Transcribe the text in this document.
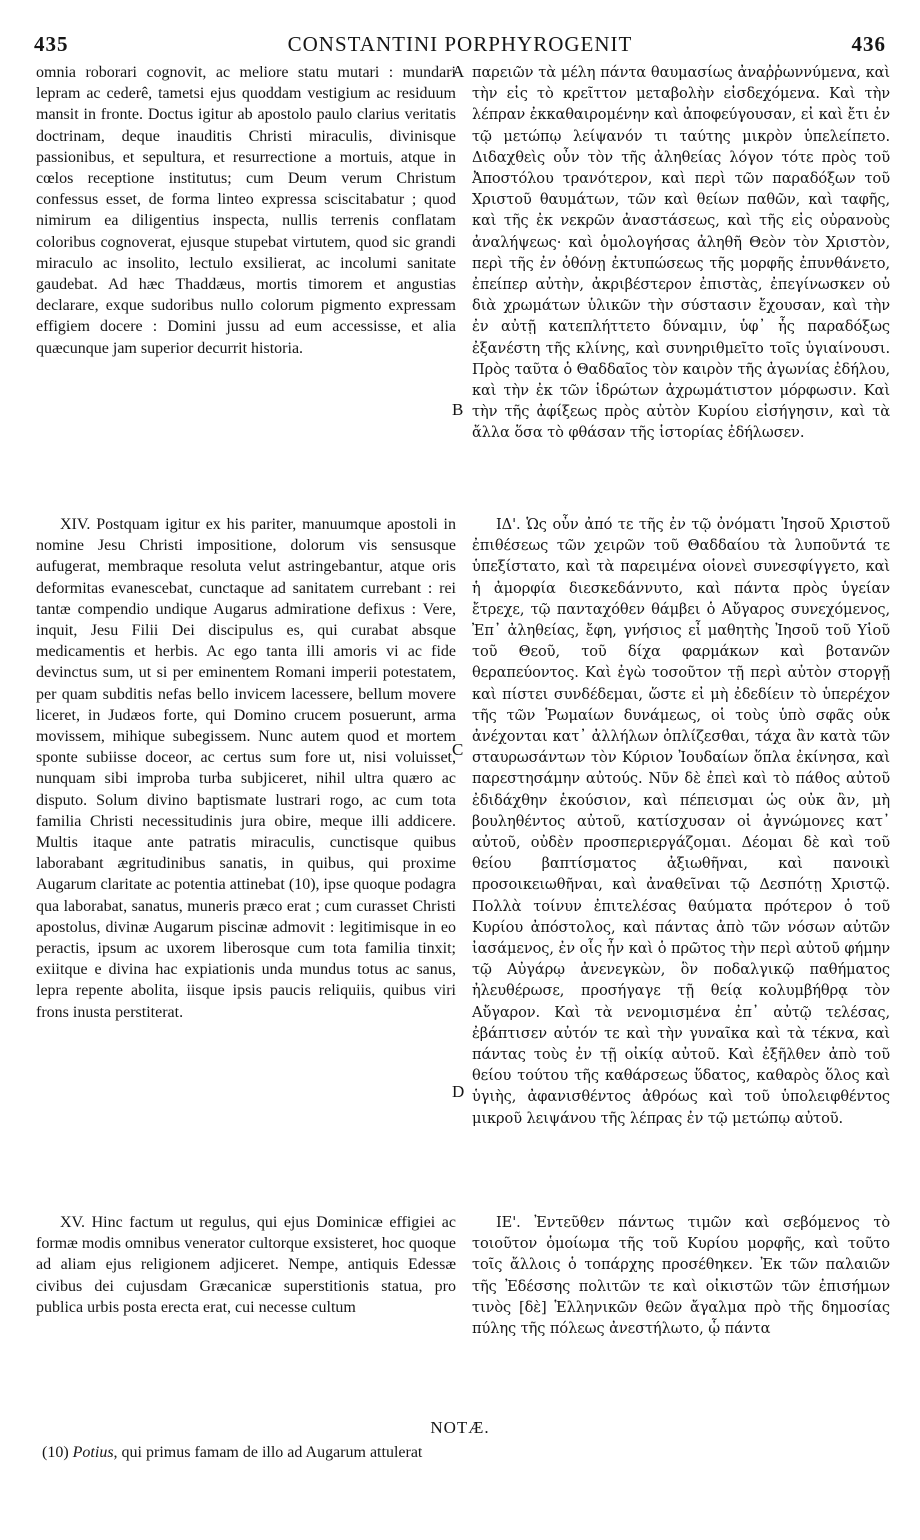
435	CONSTANTINI PORPHYROGENIT	436

omnia roborari cognovit, ac meliore statu mutari : mundari lepram ac cederê, tametsi ejus quoddam vestigium ac residuum mansit in fronte. Doctus igitur ab apostolo paulo clarius veritatis doctrinam, deque inauditis Christi miraculis, divinisque passionibus, et sepultura, et resurrectione a mortuis, atque in cœlos receptione institutus; cum Deum verum Christum confessus esset, de forma linteo expressa sciscitabatur ; quod nimirum ea diligentius inspecta, nullis terrenis conflatam coloribus cognoverat, ejusque stupebat virtutem, quod sic grandi miraculo ac insolito, lectulo exsilierat, ac incolumi sanitate gaudebat. Ad hæc Thaddæus, mortis timorem et angustias declarare, exque sudoribus nullo colorum pigmento expressam effigiem docere : Domini jussu ad eum accessisse, et alia quæcunque jam superior decurrit historia.

XIV. Postquam igitur ex his pariter, manuumque apostoli in nomine Jesu Christi impositione, dolorum vis sensusque aufugerat, membraque resoluta velut astringebantur, atque oris deformitas evanescebat, cunctaque ad sanitatem currebant : rei tantæ compendio undique Augarus admiratione defixus : Vere, inquit, Jesu Filii Dei discipulus es, qui curabat absque medicamentis et herbis. Ac ego tanta illi amoris vi ac fide devinctus sum, ut si per eminentem Romani imperii potestatem, per quam subditis nefas bello invicem lacessere, bellum movere liceret, in Judæos forte, qui Domino crucem posuerunt, arma movissem, mihique subegissem. Nunc autem quod et mortem sponte subiisse doceor, ac certus sum fore ut, nisi voluisset, nunquam sibi improba turba subjiceret, nihil ultra quæro ac disputo. Solum divino baptismate lustrari rogo, ac cum tota familia Christi necessitudinis jura obire, meque illi addicere. Multis itaque ante patratis miraculis, cunctisque quibus laborabant ægritudinibus sanatis, in quibus, qui proxime Augarum claritate ac potentia attinebat (10), ipse quoque podagra qua laborabat, sanatus, muneris præco erat ; cum curasset Christi apostolus, divinæ Augarum piscinæ admovit : legitimisque in eo peractis, ipsum ac uxorem liberosque cum tota familia tinxit; exiitque e divina hac expiationis unda mundus totus ac sanus, lepra repente abolita, iisque ipsis paucis reliquiis, quibus viri frons inusta perstiterat.

XV. Hinc factum ut regulus, qui ejus Dominicæ effigiei ac formæ modis omnibus venerator cultorque exsisteret, hoc quoque ad aliam ejus religionem adjiceret. Nempe, antiquis Edessæ civibus dei cujusdam Græcanicæ superstitionis statua, pro publica urbis posta erecta erat, cui necesse cultum

παρειῶν τὰ μέλη πάντα θαυμασίως ἀναῤῥωννύμενα, καὶ τὴν εἰς τὸ κρεῖττον μεταβολὴν εἰσδεχόμενα. Καὶ τὴν λέπραν ἐκκαθαιρομένην καὶ ἀποφεύγουσαν, εἰ καὶ ἔτι ἐν τῷ μετώπῳ λείψανόν τι ταύτης μικρὸν ὑπελείπετο. Διδαχθεὶς οὖν τὸν τῆς ἀληθείας λόγον τότε πρὸς τοῦ Ἀποστόλου τρανότερον, καὶ περὶ τῶν παραδόξων τοῦ Χριστοῦ θαυμάτων, τῶν καὶ θείων παθῶν, καὶ ταφῆς, καὶ τῆς ἐκ νεκρῶν ἀναστάσεως, καὶ τῆς εἰς οὐρανοὺς ἀναλήψεως· καὶ ὁμολογήσας ἀληθῆ Θεὸν τὸν Χριστὸν, περὶ τῆς ἐν ὀθόνῃ ἐκτυπώσεως τῆς μορφῆς ἐπυνθάνετο, ἐπείπερ αὐτὴν, ἀκριβέστερον ἐπιστὰς, ἐπεγίνωσκεν οὐ διὰ χρωμάτων ὑλικῶν τὴν σύστασιν ἔχουσαν, καὶ τὴν ἐν αὐτῇ κατεπλήττετο δύναμιν, ὑφ᾽ ἧς παραδόξως ἐξανέστη τῆς κλίνης, καὶ συνηριθμεῖτο τοῖς ὑγιαίνουσι. Πρὸς ταῦτα ὁ Θαδδαῖος τὸν καιρὸν τῆς ἀγωνίας ἐδήλου, καὶ τὴν ἐκ τῶν ἱδρώτων ἀχρωμάτιστον μόρφωσιν. Καὶ τὴν τῆς ἀφίξεως πρὸς αὐτὸν Κυρίου εἰσήγησιν, καὶ τὰ ἄλλα ὅσα τὸ φθάσαν τῆς ἱστορίας ἐδήλωσεν.

ΙΔ'. Ὡς οὖν ἀπό τε τῆς ἐν τῷ ὀνόματι Ἰησοῦ Χριστοῦ ἐπιθέσεως τῶν χειρῶν τοῦ Θαδδαίου τὰ λυποῦντά τε ὑπεξίστατο, καὶ τὰ παρειμένα οἱονεὶ συνεσφίγγετο, καὶ ἡ ἀμορφία διεσκεδάννυτο, καὶ πάντα πρὸς ὑγείαν ἔτρεχε, τῷ πανταχόθεν θάμβει ὁ Αὔγαρος συνεχόμενος, Ἐπ᾽ ἀληθείας, ἔφη, γνήσιος εἶ μαθητὴς Ἰησοῦ τοῦ Υἱοῦ τοῦ Θεοῦ, τοῦ δίχα φαρμάκων καὶ βοτανῶν θεραπεύοντος. Καὶ ἐγὼ τοσοῦτον τῇ περὶ αὐτὸν στοργῇ καὶ πίστει συνδέδεμαι, ὥστε εἰ μὴ ἐδεδίειν τὸ ὑπερέχον τῆς τῶν Ῥωμαίων δυνάμεως, οἱ τοὺς ὑπὸ σφᾶς οὐκ ἀνέχονται κατ᾽ ἀλλήλων ὁπλίζεσθαι, τάχα ἂν κατὰ τῶν σταυρωσάντων τὸν Κύριον Ἰουδαίων ὅπλα ἐκίνησα, καὶ παρεστησάμην αὐτούς. Νῦν δὲ ἐπεὶ καὶ τὸ πάθος αὐτοῦ ἐδιδάχθην ἑκούσιον, καὶ πέπεισμαι ὡς οὐκ ἂν, μὴ βουληθέντος αὐτοῦ, κατίσχυσαν οἱ ἀγνώμονες κατ᾽ αὐτοῦ, οὐδὲν προσπεριεργάζομαι. Δέομαι δὲ καὶ τοῦ θείου βαπτίσματος ἀξιωθῆναι, καὶ πανοικὶ προσοικειωθῆναι, καὶ ἀναθεῖναι τῷ Δεσπότῃ Χριστῷ. Πολλὰ τοίνυν ἐπιτελέσας θαύματα πρότερον ὁ τοῦ Κυρίου ἀπόστολος, καὶ πάντας ἀπὸ τῶν νόσων αὐτῶν ἰασάμενος, ἐν οἷς ἦν καὶ ὁ πρῶτος τὴν περὶ αὐτοῦ φήμην τῷ Αὐγάρῳ ἀνενεγκὼν, ὃν ποδαλγικῷ παθήματος ἠλευθέρωσε, προσήγαγε τῇ θείᾳ κολυμβήθρᾳ τὸν Αὔγαρον. Καὶ τὰ νενομισμένα ἐπ᾽ αὐτῷ τελέσας, ἐβάπτισεν αὐτόν τε καὶ τὴν γυναῖκα καὶ τὰ τέκνα, καὶ πάντας τοὺς ἐν τῇ οἰκίᾳ αὐτοῦ. Καὶ ἐξῆλθεν ἀπὸ τοῦ θείου τούτου τῆς καθάρσεως ὕδατος, καθαρὸς ὅλος καὶ ὑγιὴς, ἀφανισθέντος ἀθρόως καὶ τοῦ ὑπολειφθέντος μικροῦ λειψάνου τῆς λέπρας ἐν τῷ μετώπῳ αὐτοῦ.

ΙΕ'. Ἐντεῦθεν πάντως τιμῶν καὶ σεβόμενος τὸ τοιοῦτον ὁμοίωμα τῆς τοῦ Κυρίου μορφῆς, καὶ τοῦτο τοῖς ἄλλοις ὁ τοπάρχης προσέθηκεν. Ἐκ τῶν παλαιῶν τῆς Ἐδέσσης πολιτῶν τε καὶ οἰκιστῶν τῶν ἐπισήμων τινὸς [δὲ] Ἑλληνικῶν θεῶν ἄγαλμα πρὸ τῆς δημοσίας πύλης τῆς πόλεως ἀνεστήλωτο, ᾧ πάντα

A
B
C
D
NOTÆ.
(10) Potius, qui primus famam de illo ad Augarum attulerat
